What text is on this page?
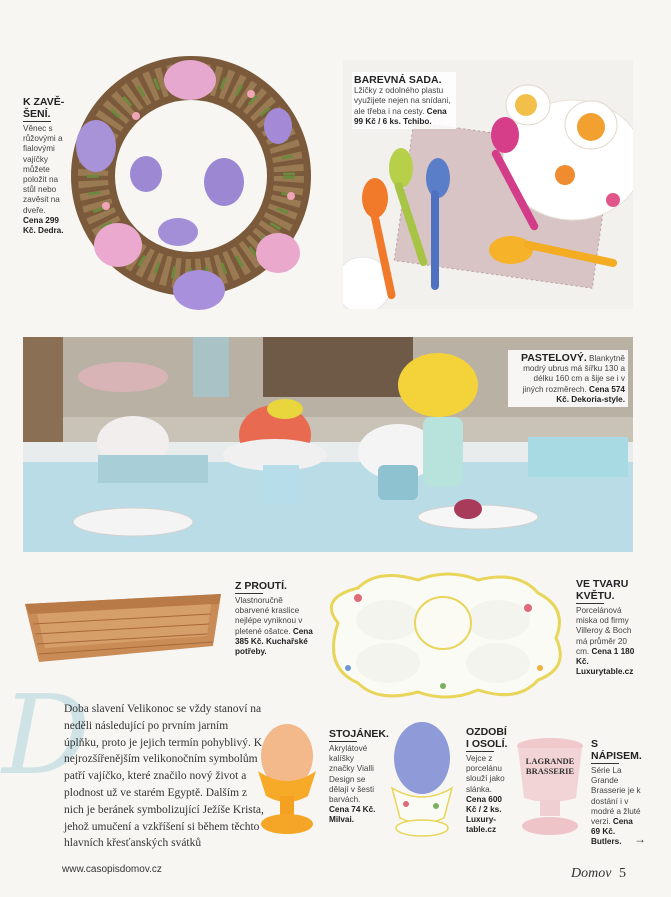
K ZAVĚ-ŠENÍ.
Věnec s růžovými a fialovými vajíčky můžete položit na stůl nebo zavěsit na dveře. Cena 299 Kč. Dedra.
BAREVNÁ SADA. Lžičky z odolného plastu využijete nejen na snídani, ale třeba i na cesty. Cena 99 Kč / 6 ks. Tchibo.
PASTELOVÝ. Blankytně modrý ubrus má šířku 130 a délku 160 cm a šije se i v jiných rozměrech. Cena 574 Kč. Dekoria-style.
Z PROUTÍ.
Vlastnoručně obarvené kraslice nejlépe vyniknou v pletené ošatce. Cena 385 Kč. Kuchařské potřeby.
VE TVARU KVĚTU.
Porcelánová miska od firmy Villeroy & Boch má průměr 20 cm. Cena 1 180 Kč. Luxurytable.cz
D

Doba slavení Velikonoc se vždy stanoví na neděli následující po prvním jarním úplňku, proto je jejich termín pohyblivý. K nejrozšířenějším velikonočním symbolům patří vajíčko, které značilo nový život a plodnost už ve starém Egyptě. Dalším z nich je beránek symbolizující Ježíše Krista, jehož umučení a vzkříšení si během těchto hlavních křesťanských svátků

STOJÁNEK.
Akrylátové kalíšky značky Vialli Design se dělají v šesti barvách. Cena 74 Kč. Milvai.
OZDOBÍ I OSOLÍ.
Vejce z porcelánu slouží jako slánka. Cena 600 Kč / 2 ks. Luxury-table.cz
LAGRANDE BRASSERIE
S NÁPISEM.
Série La Grande Brasserie je k dostání i v modré a žluté verzi. Cena 69 Kč. Butlers.	→
www.casopisdomov.cz	Domov 5
